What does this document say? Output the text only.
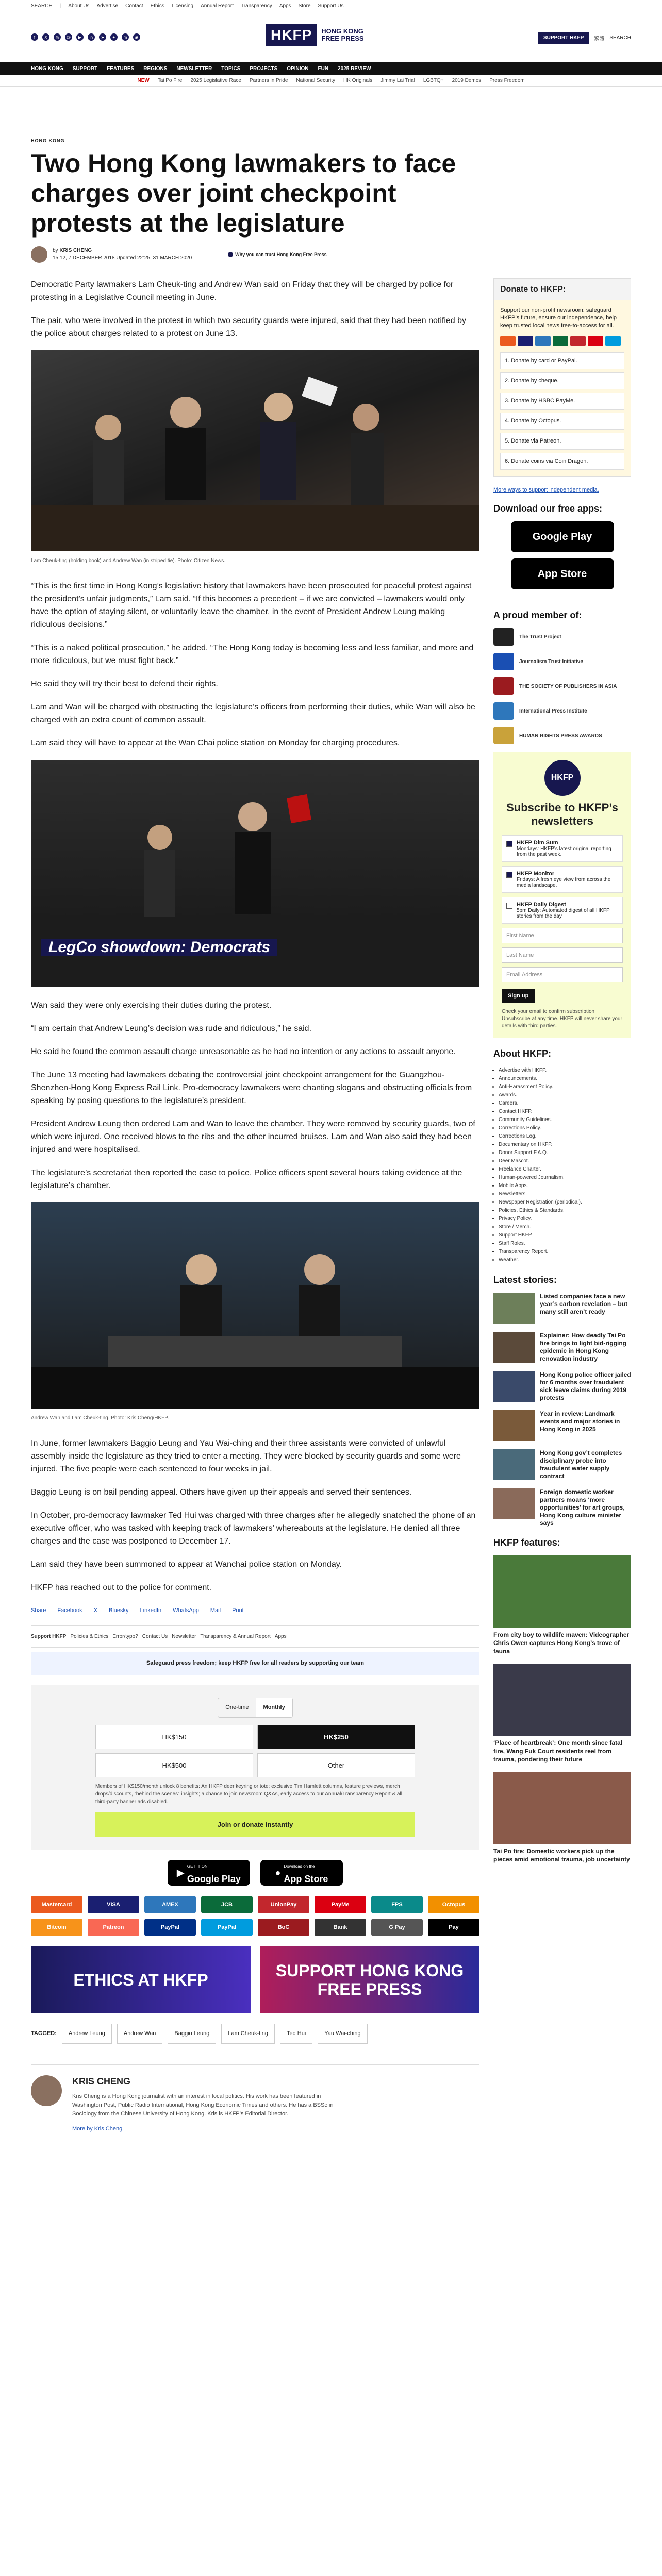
SEARCH | About Us Advertise Contact Ethics Licensing Annual Report Transparency Apps Store Support Us
f	X	◎	@	▶	in	➤	✦	m	◉	HKFP	HONG KONG
FREE PRESS	SUPPORT HKFP	繁體 SEARCH
HONG KONG SUPPORT FEATURES REGIONS NEWSLETTER TOPICS PROJECTS OPINION FUN 2025 REVIEW
NEW Tai Po Fire 2025 Legislative Race Partners in Pride National Security HK Originals Jimmy Lai Trial LGBTQ+ 2019 Demos Press Freedom
HONG KONG
Two Hong Kong lawmakers to face charges over joint checkpoint protests at the legislature
by KRIS CHENG
15:12, 7 DECEMBER 2018 Updated 22:25, 31 MARCH 2020
Why you can trust Hong Kong Free Press

Democratic Party lawmakers Lam Cheuk-ting and Andrew Wan said on Friday that they will be charged by police for protesting in a Legislative Council meeting in June.

The pair, who were involved in the protest in which two security guards were injured, said that they had been notified by the police about charges related to a protest on June 13.

Lam Cheuk-ting (holding book) and Andrew Wan (in striped tie). Photo: Citizen News.

“This is the first time in Hong Kong’s legislative history that lawmakers have been prosecuted for peaceful protest against the president’s unfair judgments,” Lam said. “If this becomes a precedent – if we are convicted – lawmakers would only have the option of staying silent, or voluntarily leave the chamber, in the event of President Andrew Leung making ridiculous decisions.”

“This is a naked political prosecution,” he added. “The Hong Kong today is becoming less and less familiar, and more and more ridiculous, but we must fight back.”

He said they will try their best to defend their rights.

Lam and Wan will be charged with obstructing the legislature’s officers from performing their duties, while Wan will also be charged with an extra count of common assault.

Lam said they will have to appear at the Wan Chai police station on Monday for charging procedures.

LegCo showdown: Democrats

Wan said they were only exercising their duties during the protest.

“I am certain that Andrew Leung’s decision was rude and ridiculous,” he said.

He said he found the common assault charge unreasonable as he had no intention or any actions to assault anyone.

The June 13 meeting had lawmakers debating the controversial joint checkpoint arrangement for the Guangzhou-Shenzhen-Hong Kong Express Rail Link. Pro-democracy lawmakers were chanting slogans and obstructing officials from speaking by posing questions to the legislature’s president.

President Andrew Leung then ordered Lam and Wan to leave the chamber. They were removed by security guards, two of which were injured. One received blows to the ribs and the other incurred bruises. Lam and Wan also said they had been injured and were hospitalised.

The legislature’s secretariat then reported the case to police. Police officers spent several hours taking evidence at the legislature’s chamber.

Andrew Wan and Lam Cheuk-ting. Photo: Kris Cheng/HKFP.

In June, former lawmakers Baggio Leung and Yau Wai-ching and their three assistants were convicted of unlawful assembly inside the legislature as they tried to enter a meeting. They were blocked by security guards and some were injured. The five people were each sentenced to four weeks in jail.

Baggio Leung is on bail pending appeal. Others have given up their appeals and served their sentences.

In October, pro-democracy lawmaker Ted Hui was charged with three charges after he allegedly snatched the phone of an executive officer, who was tasked with keeping track of lawmakers’ whereabouts at the legislature. He denied all three charges and the case was postponed to December 17.

Lam said they have been summoned to appear at Wanchai police station on Monday.

HKFP has reached out to the police for comment.

Share Facebook X Bluesky LinkedIn WhatsApp Mail Print
Support HKFP Policies & Ethics Error/typo? Contact Us Newsletter Transparency & Annual Report Apps
Safeguard press freedom; keep HKFP free for all readers by supporting our team
One-time	Monthly
HK$150	HK$250
HK$500	Other
Members of HK$150/month unlock 8 benefits: An HKFP deer keyring or tote; exclusive Tim Hamlett columns, feature previews, merch drops/discounts, “behind the scenes” insights; a chance to join newsroom Q&As, early access to our Annual/Transparency Report & all third-party banner ads disabled.
Join or donate instantly
▶
GET IT ON
Google Play
●
Download on the
App Store
Mastercard	VISA	AMEX	JCB	UnionPay	PayMe	FPS	Octopus
Bitcoin	Patreon	PayPal	PayPal	BoC	Bank	G Pay	Pay
ETHICS AT HKFP	SUPPORT HONG KONG FREE PRESS
TAGGED:	Andrew Leung	Andrew Wan	Baggio Leung	Lam Cheuk-ting	Ted Hui	Yau Wai-ching
KRIS CHENG
Kris Cheng is a Hong Kong journalist with an interest in local politics. His work has been featured in Washington Post, Public Radio International, Hong Kong Economic Times and others. He has a BSSc in Sociology from the Chinese University of Hong Kong. Kris is HKFP’s Editorial Director.
More by Kris Cheng
Donate to HKFP:
Support our non-profit newsroom: safeguard HKFP’s future, ensure our independence, help keep trusted local news free-to-access for all.
1. Donate by card or PayPal.
2. Donate by cheque.
3. Donate by HSBC PayMe.
4. Donate by Octopus.
5. Donate via Patreon.
6. Donate coins via Coin Dragon.
More ways to support independent media.
Download our free apps:
Google Play
App Store
A proud member of:
The Trust Project
Journalism Trust Initiative
THE SOCIETY OF PUBLISHERS IN ASIA
International Press Institute
HUMAN RIGHTS PRESS AWARDS
HKFP
Subscribe to HKFP’s newsletters
HKFP Dim Sum
Mondays: HKFP’s latest original reporting from the past week.
HKFP Monitor
Fridays: A fresh eye view from across the media landscape.
HKFP Daily Digest
5pm Daily: Automated digest of all HKFP stories from the day.
First Name
Last Name
Email Address
Sign up
Check your email to confirm subscription. Unsubscribe at any time. HKFP will never share your details with third parties.
About HKFP:
• Advertise with HKFP.
• Announcements.
• Anti-Harassment Policy.
• Awards.
• Careers.
• Contact HKFP.
• Community Guidelines.
• Corrections Policy.
• Corrections Log.
• Documentary on HKFP.
• Donor Support F.A.Q.
• Deer Mascot.
• Freelance Charter.
• Human-powered Journalism.
• Mobile Apps.
• Newsletters.
• Newspaper Registration (periodical).
• Policies, Ethics & Standards.
• Privacy Policy.
• Store / Merch.
• Support HKFP.
• Staff Roles.
• Transparency Report.
• Weather.
Latest stories:
Listed companies face a new year’s carbon revelation – but many still aren’t ready
Explainer: How deadly Tai Po fire brings to light bid-rigging epidemic in Hong Kong renovation industry
Hong Kong police officer jailed for 6 months over fraudulent sick leave claims during 2019 protests
Year in review: Landmark events and major stories in Hong Kong in 2025
Hong Kong gov’t completes disciplinary probe into fraudulent water supply contract
Foreign domestic worker partners moans ‘more opportunities’ for art groups, Hong Kong culture minister says
HKFP features:
From city boy to wildlife maven: Videographer Chris Owen captures Hong Kong’s trove of fauna
‘Place of heartbreak’: One month since fatal fire, Wang Fuk Court residents reel from trauma, pondering their future
Tai Po fire: Domestic workers pick up the pieces amid emotional trauma, job uncertainty
